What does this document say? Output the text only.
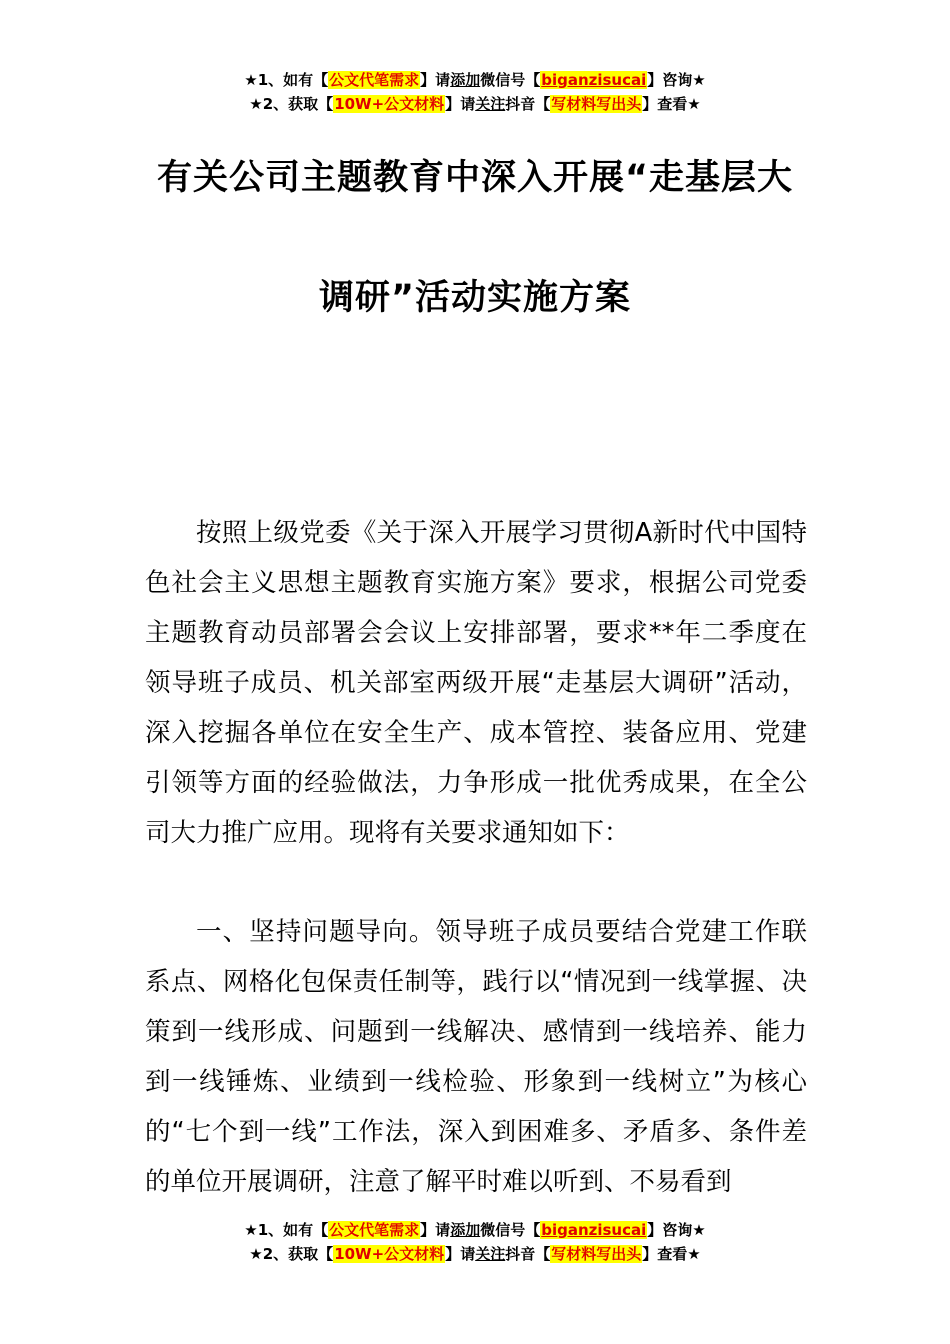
★1、如有【公文代笔需求】请添加微信号【biganzisucai】咨询★
★2、获取【10W+公文材料】请关注抖音【写材料写出头】查看★
有关公司主题教育中深入开展“走基层大
调研”活动实施方案
按照上级党委《关于深入开展学习贯彻A新时代中国特色社会主义思想主题教育实施方案》要求，根据公司党委主题教育动员部署会会议上安排部署，要求**年二季度在领导班子成员、机关部室两级开展“走基层大调研”活动，深入挖掘各单位在安全生产、成本管控、装备应用、党建引领等方面的经验做法，力争形成一批优秀成果，在全公司大力推广应用。现将有关要求通知如下：
一、坚持问题导向。领导班子成员要结合党建工作联系点、网格化包保责任制等，践行以“情况到一线掌握、决策到一线形成、问题到一线解决、感情到一线培养、能力到一线锤炼、业绩到一线检验、形象到一线树立”为核心的“七个到一线”工作法，深入到困难多、矛盾多、条件差的单位开展调研，注意了解平时难以听到、不易看到
★1、如有【公文代笔需求】请添加微信号【biganzisucai】咨询★
★2、获取【10W+公文材料】请关注抖音【写材料写出头】查看★
